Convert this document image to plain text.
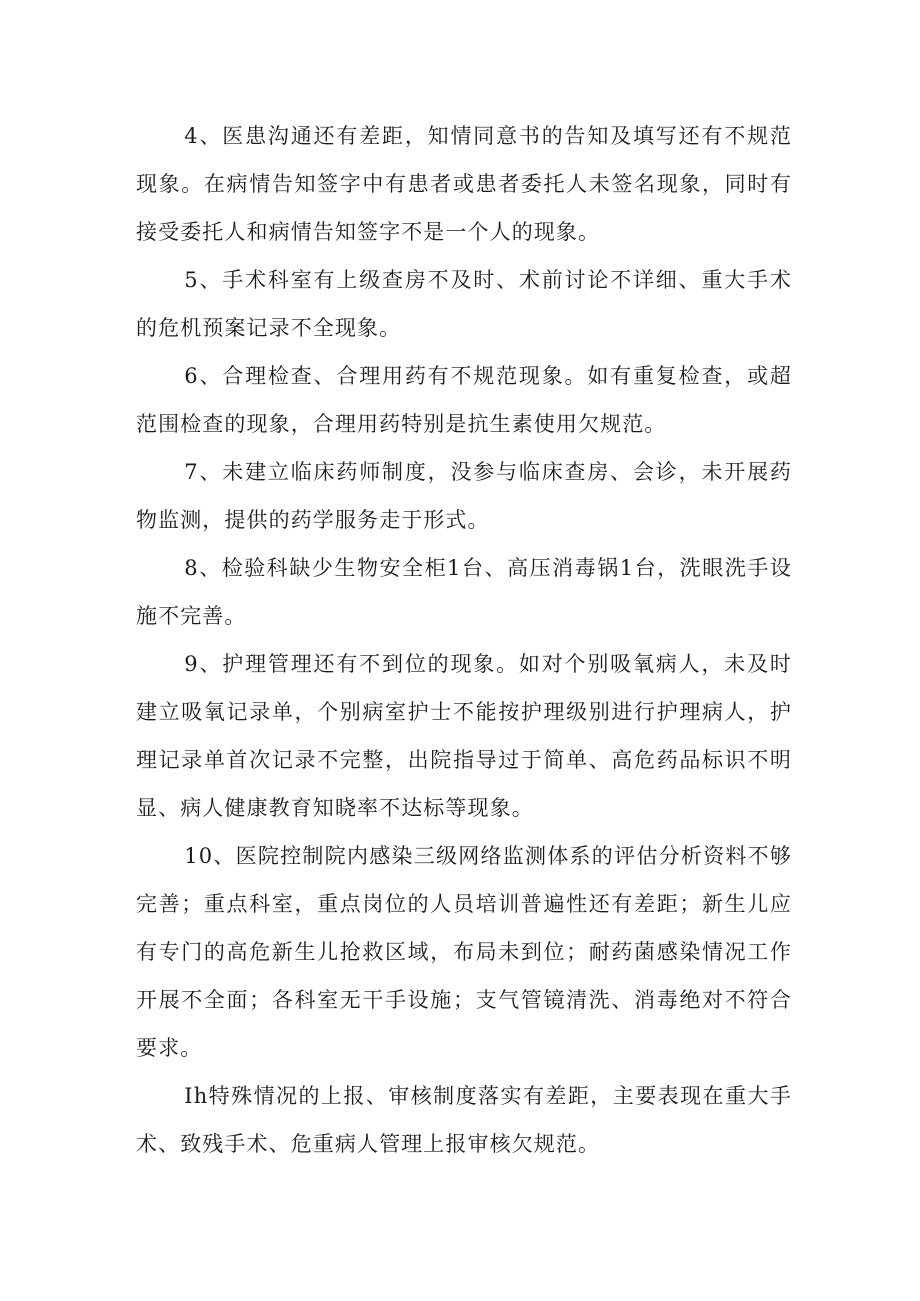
4、医患沟通还有差距，知情同意书的告知及填写还有不规范现象。在病情告知签字中有患者或患者委托人未签名现象，同时有接受委托人和病情告知签字不是一个人的现象。

5、手术科室有上级查房不及时、术前讨论不详细、重大手术的危机预案记录不全现象。

6、合理检查、合理用药有不规范现象。如有重复检查，或超范围检查的现象，合理用药特别是抗生素使用欠规范。

7、未建立临床药师制度，没参与临床查房、会诊，未开展药物监测，提供的药学服务走于形式。

8、检验科缺少生物安全柜1台、高压消毒锅1台，洗眼洗手设施不完善。

9、护理管理还有不到位的现象。如对个别吸氧病人，未及时建立吸氧记录单，个别病室护士不能按护理级别进行护理病人，护理记录单首次记录不完整，出院指导过于简单、高危药品标识不明显、病人健康教育知晓率不达标等现象。

10、医院控制院内感染三级网络监测体系的评估分析资料不够完善；重点科室，重点岗位的人员培训普遍性还有差距；新生儿应有专门的高危新生儿抢救区域，布局未到位；耐药菌感染情况工作开展不全面；各科室无干手设施；支气管镜清洗、消毒绝对不符合要求。

Ih特殊情况的上报、审核制度落实有差距，主要表现在重大手术、致残手术、危重病人管理上报审核欠规范。
